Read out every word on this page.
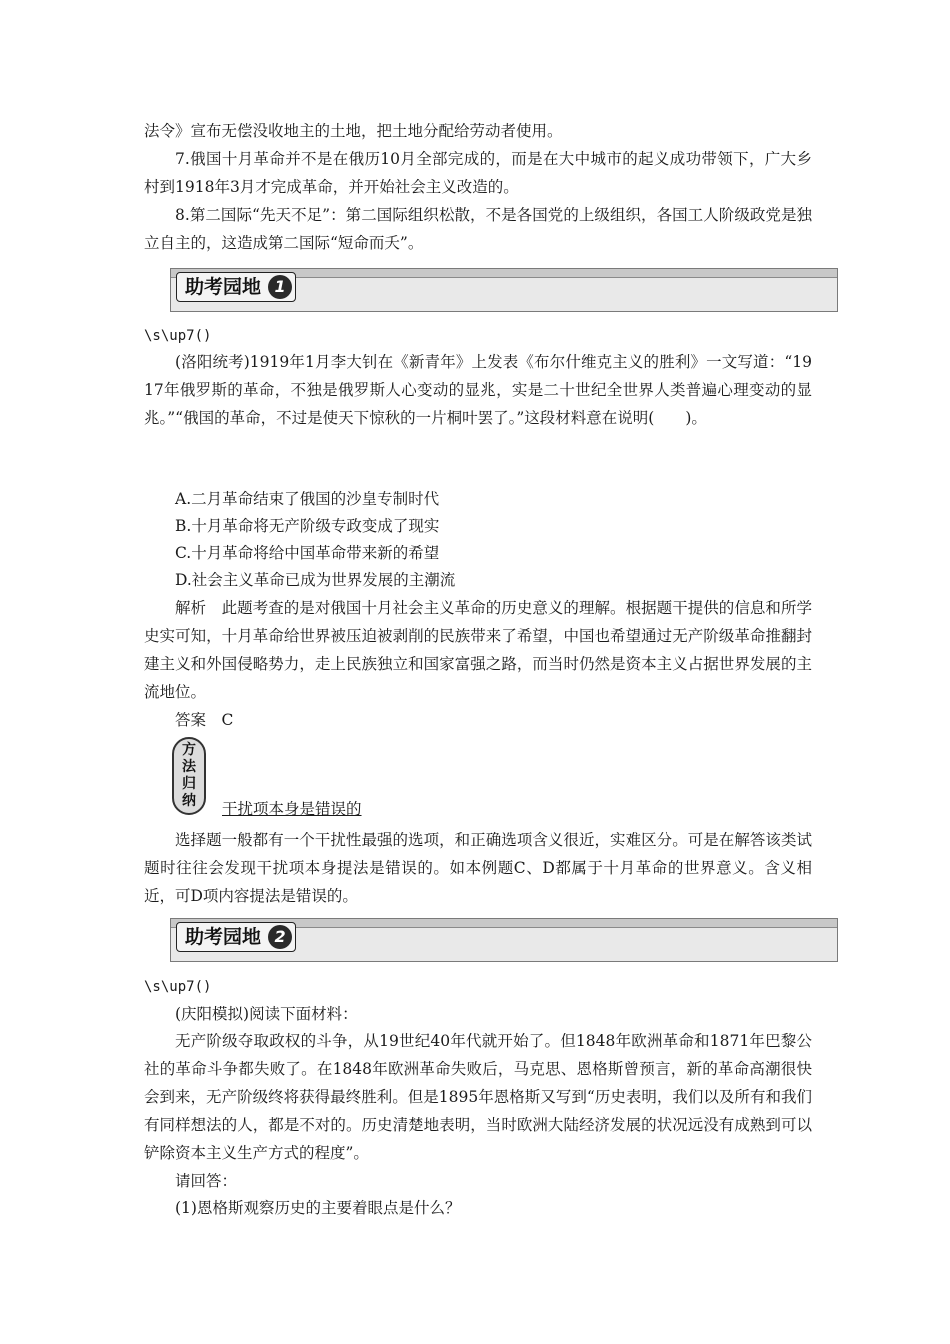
法令》宣布无偿没收地主的土地，把土地分配给劳动者使用。

7.俄国十月革命并不是在俄历10月全部完成的，而是在大中城市的起义成功带领下，广大乡村到1918年3月才完成革命，并开始社会主义改造的。

8.第二国际“先天不足”：第二国际组织松散，不是各国党的上级组织，各国工人阶级政党是独立自主的，这造成第二国际“短命而夭”。

助考园地 1
\s\up7()

(洛阳统考)1919年1月李大钊在《新青年》上发表《布尔什维克主义的胜利》一文写道：“1917年俄罗斯的革命，不独是俄罗斯人心变动的显兆，实是二十世纪全世界人类普遍心理变动的显兆。”“俄国的革命，不过是使天下惊秋的一片桐叶罢了。”这段材料意在说明(　　)。

A.二月革命结束了俄国的沙皇专制时代
B.十月革命将无产阶级专政变成了现实
C.十月革命将给中国革命带来新的希望
D.社会主义革命已成为世界发展的主潮流

解析　此题考查的是对俄国十月社会主义革命的历史意义的理解。根据题干提供的信息和所学史实可知，十月革命给世界被压迫被剥削的民族带来了希望，中国也希望通过无产阶级革命推翻封建主义和外国侵略势力，走上民族独立和国家富强之路，而当时仍然是资本主义占据世界发展的主流地位。

答案　C
方
法
归
纳 干扰项本身是错误的

选择题一般都有一个干扰性最强的选项，和正确选项含义很近，实难区分。可是在解答该类试题时往往会发现干扰项本身提法是错误的。如本例题C、D都属于十月革命的世界意义。含义相近，可D项内容提法是错误的。

助考园地 2
\s\up7()
(庆阳模拟)阅读下面材料：

无产阶级夺取政权的斗争，从19世纪40年代就开始了。但1848年欧洲革命和1871年巴黎公社的革命斗争都失败了。在1848年欧洲革命失败后，马克思、恩格斯曾预言，新的革命高潮很快会到来，无产阶级终将获得最终胜利。但是1895年恩格斯又写到“历史表明，我们以及所有和我们有同样想法的人，都是不对的。历史清楚地表明，当时欧洲大陆经济发展的状况远没有成熟到可以铲除资本主义生产方式的程度”。

请回答：
(1)恩格斯观察历史的主要着眼点是什么？
